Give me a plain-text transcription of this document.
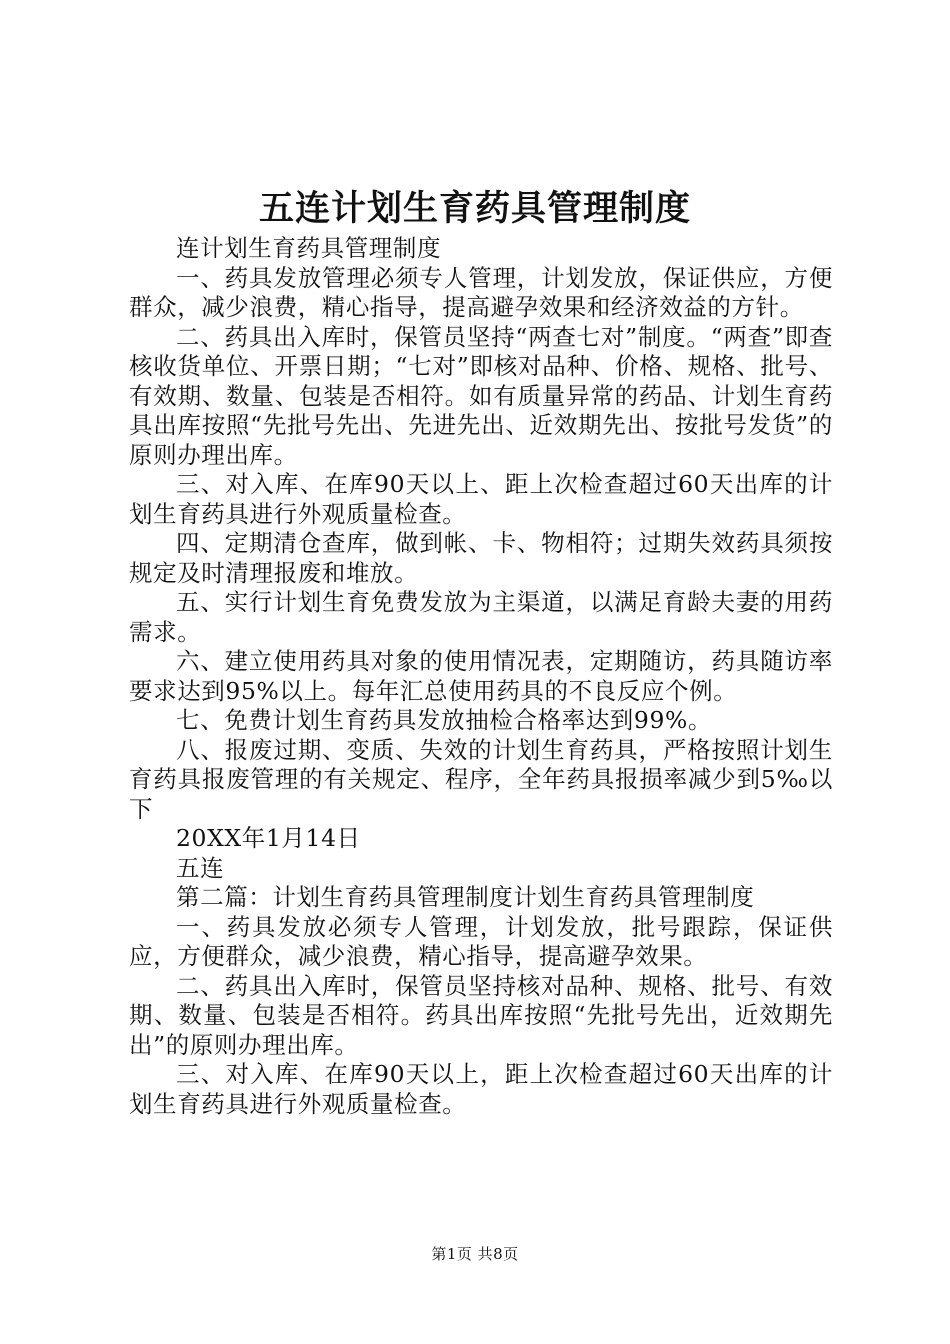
五连计划生育药具管理制度

连计划生育药具管理制度

一、药具发放管理必须专人管理，计划发放，保证供应，方便群众，减少浪费，精心指导，提高避孕效果和经济效益的方针。

二、药具出入库时，保管员坚持“两查七对”制度。“两查”即查核收货单位、开票日期；“七对”即核对品种、价格、规格、批号、有效期、数量、包装是否相符。如有质量异常的药品、计划生育药具出库按照“先批号先出、先进先出、近效期先出、按批号发货”的原则办理出库。

三、对入库、在库90天以上、距上次检查超过60天出库的计划生育药具进行外观质量检查。

四、定期清仓查库，做到帐、卡、物相符；过期失效药具须按规定及时清理报废和堆放。

五、实行计划生育免费发放为主渠道，以满足育龄夫妻的用药需求。

六、建立使用药具对象的使用情况表，定期随访，药具随访率要求达到95%以上。每年汇总使用药具的不良反应个例。

七、免费计划生育药具发放抽检合格率达到99%。

八、报废过期、变质、失效的计划生育药具，严格按照计划生育药具报废管理的有关规定、程序，全年药具报损率减少到5‰以下

20XX年1月14日

五连

第二篇：计划生育药具管理制度计划生育药具管理制度

一、药具发放必须专人管理，计划发放，批号跟踪，保证供应，方便群众，减少浪费，精心指导，提高避孕效果。

二、药具出入库时，保管员坚持核对品种、规格、批号、有效期、数量、包装是否相符。药具出库按照“先批号先出，近效期先出”的原则办理出库。

三、对入库、在库90天以上，距上次检查超过60天出库的计划生育药具进行外观质量检查。

第1页 共8页
